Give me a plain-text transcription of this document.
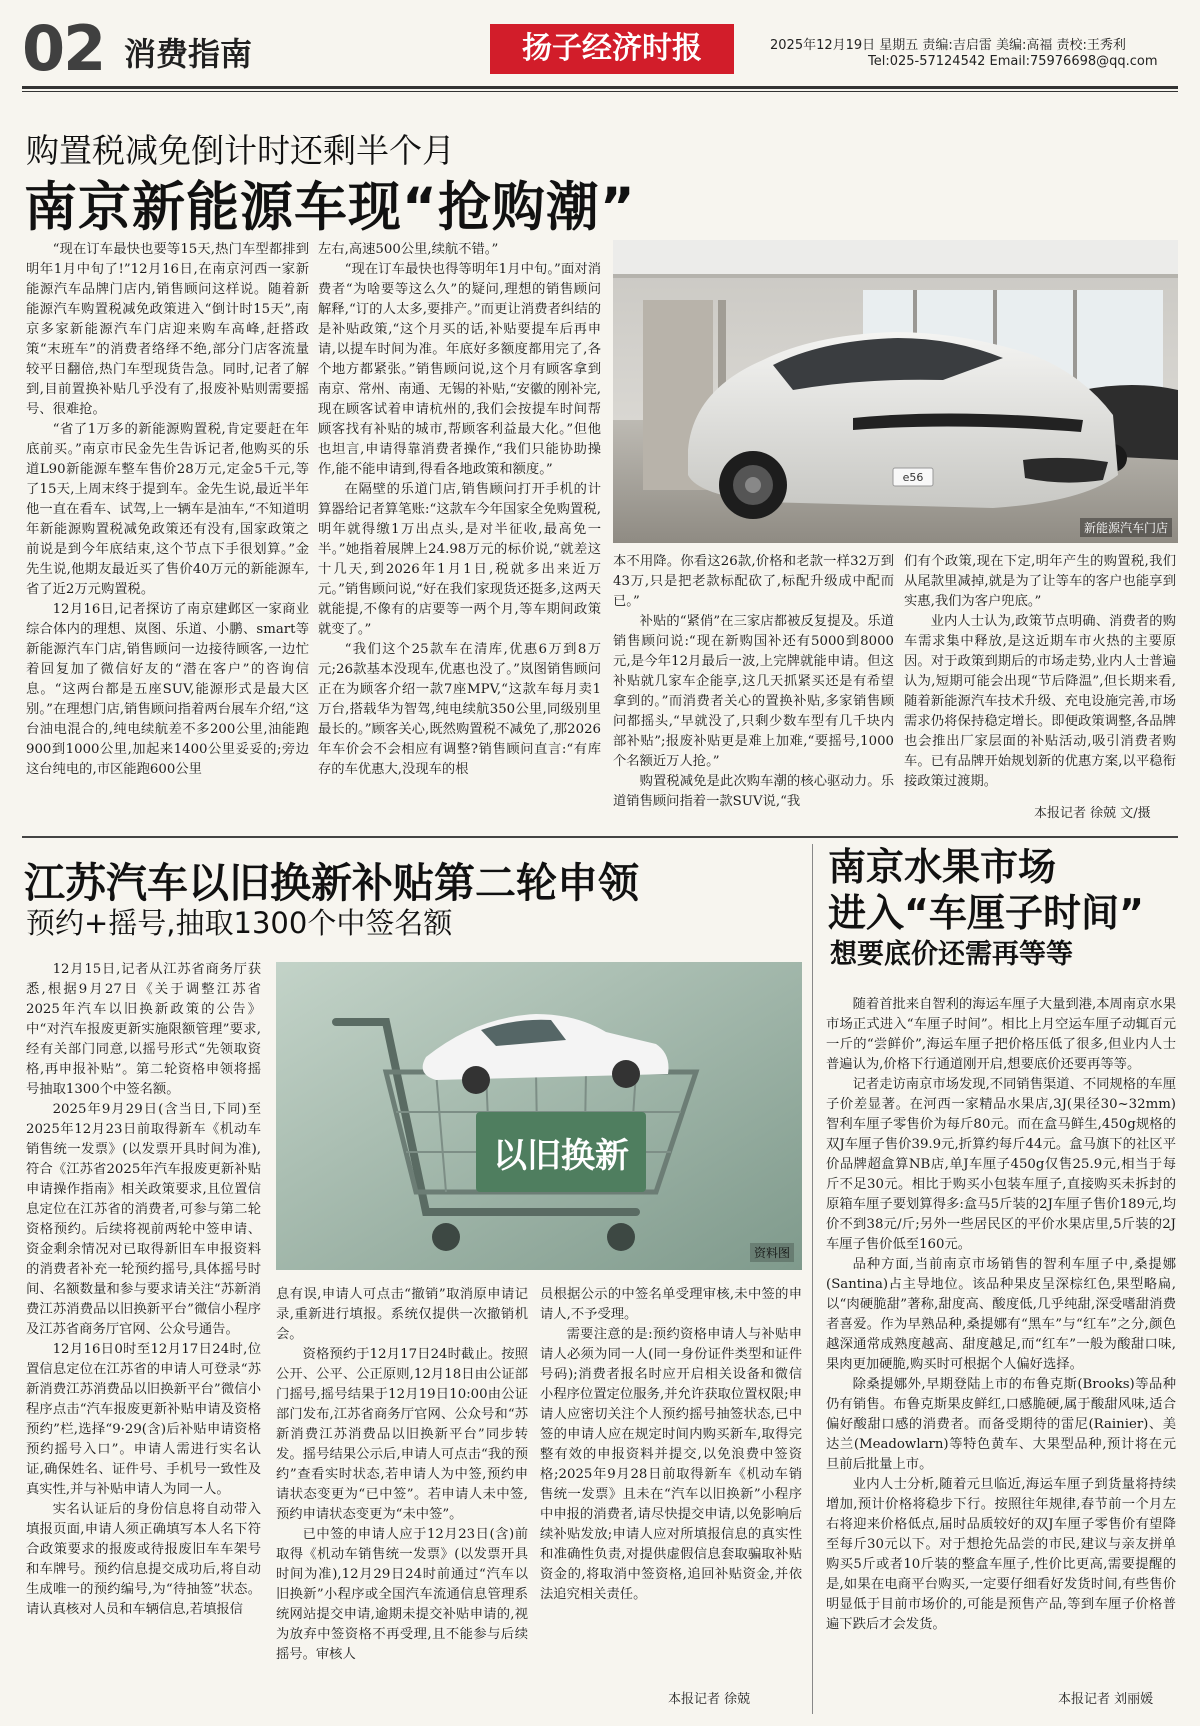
02 消费指南	扬子经济时报	2025年12月19日 星期五 责编:吉启雷 美编:高福 责校:王秀利
Tel:025-57124542 Email:75976698@qq.com
购置税减免倒计时还剩半个月
南京新能源车现“抢购潮”

“现在订车最快也要等15天,热门车型都排到明年1月中旬了!”12月16日,在南京河西一家新能源汽车品牌门店内,销售顾问这样说。随着新能源汽车购置税减免政策进入“倒计时15天”,南京多家新能源汽车门店迎来购车高峰,赶搭政策“末班车”的消费者络绎不绝,部分门店客流量较平日翻倍,热门车型现货告急。同时,记者了解到,目前置换补贴几乎没有了,报废补贴则需要摇号、很难抢。

“省了1万多的新能源购置税,肯定要赶在年底前买。”南京市民金先生告诉记者,他购买的乐道L90新能源车整车售价28万元,定金5千元,等了15天,上周末终于提到车。金先生说,最近半年他一直在看车、试驾,上一辆车是油车,“不知道明年新能源购置税减免政策还有没有,国家政策之前说是到今年底结束,这个节点下手很划算。”金先生说,他期友最近买了售价40万元的新能源车,省了近2万元购置税。

12月16日,记者探访了南京建邺区一家商业综合体内的理想、岚图、乐道、小鹏、smart等新能源汽车门店,销售顾问一边接待顾客,一边忙着回复加了微信好友的“潜在客户”的咨询信息。“这两台都是五座SUV,能源形式是最大区别。”在理想门店,销售顾问指着两台展车介绍,“这台油电混合的,纯电续航差不多200公里,油能跑900到1000公里,加起来1400公里妥妥的;旁边这台纯电的,市区能跑600公里

左右,高速500公里,续航不错。”

“现在订车最快也得等明年1月中旬。”面对消费者“为啥要等这么久”的疑问,理想的销售顾问解释,“订的人太多,要排产。”而更让消费者纠结的是补贴政策,“这个月买的话,补贴要提车后再申请,以提车时间为准。年底好多额度都用完了,各个地方都紧张。”销售顾问说,这个月有顾客拿到南京、常州、南通、无锡的补贴,“安徽的刚补完,现在顾客试着申请杭州的,我们会按提车时间帮顾客找有补贴的城市,帮顾客利益最大化。”但他也坦言,申请得靠消费者操作,“我们只能协助操作,能不能申请到,得看各地政策和额度。”

在隔壁的乐道门店,销售顾问打开手机的计算器给记者算笔账:“这款车今年国家全免购置税,明年就得缴1万出点头,是对半征收,最高免一半。”她指着展牌上24.98万元的标价说,“就差这十几天,到2026年1月1日,税就多出来近万元。”销售顾问说,“好在我们家现货还挺多,这两天就能提,不像有的店要等一两个月,等车期间政策就变了。”

“我们这个25款车在清库,优惠6万到8万元;26款基本没现车,优惠也没了。”岚图销售顾问正在为顾客介绍一款7座MPV,“这款车每月卖1万台,搭载华为智驾,纯电续航350公里,同级别里最长的。”顾客关心,既然购置税不减免了,那2026年车价会不会相应有调整?销售顾问直言:“有库存的车优惠大,没现车的根

e56
新能源汽车门店

本不用降。你看这26款,价格和老款一样32万到43万,只是把老款标配砍了,标配升级成中配而已。”

补贴的“紧俏”在三家店都被反复提及。乐道销售顾问说:“现在新购国补还有5000到8000元,是今年12月最后一波,上完牌就能申请。但这补贴就几家车企能享,这几天抓紧买还是有希望拿到的。”而消费者关心的置换补贴,多家销售顾问都摇头,“早就没了,只剩少数车型有几千块内部补贴”;报废补贴更是难上加难,“要摇号,1000个名额近万人抢。”

购置税减免是此次购车潮的核心驱动力。乐道销售顾问指着一款SUV说,“我

们有个政策,现在下定,明年产生的购置税,我们从尾款里减掉,就是为了让等车的客户也能享到实惠,我们为客户兜底。”

业内人士认为,政策节点明确、消费者的购车需求集中释放,是这近期车市火热的主要原因。对于政策到期后的市场走势,业内人士普遍认为,短期可能会出现“节后降温”,但长期来看,随着新能源汽车技术升级、充电设施完善,市场需求仍将保持稳定增长。即便政策调整,各品牌也会推出厂家层面的补贴活动,吸引消费者购车。已有品牌开始规划新的优惠方案,以平稳衔接政策过渡期。

本报记者 徐兢 文/摄
江苏汽车以旧换新补贴第二轮申领
预约+摇号,抽取1300个中签名额

12月15日,记者从江苏省商务厅获悉,根据9月27日《关于调整江苏省2025年汽车以旧换新政策的公告》中“对汽车报废更新实施限额管理”要求,经有关部门同意,以摇号形式“先领取资格,再申报补贴”。第二轮资格申领将摇号抽取1300个中签名额。

2025年9月29日(含当日,下同)至2025年12月23日前取得新车《机动车销售统一发票》(以发票开具时间为准),符合《江苏省2025年汽车报废更新补贴申请操作指南》相关政策要求,且位置信息定位在江苏省的消费者,可参与第二轮资格预约。后续将视前两轮中签申请、资金剩余情况对已取得新旧车申报资料的消费者补充一轮预约摇号,具体摇号时间、名额数量和参与要求请关注“苏新消费江苏消费品以旧换新平台”微信小程序及江苏省商务厅官网、公众号通告。

12月16日0时至12月17日24时,位置信息定位在江苏省的申请人可登录“苏新消费江苏消费品以旧换新平台”微信小程序点击“汽车报废更新补贴申请及资格预约”栏,选择“9·29(含)后补贴申请资格预约摇号入口”。申请人需进行实名认证,确保姓名、证件号、手机号一致性及真实性,并与补贴申请人为同一人。

实名认证后的身份信息将自动带入填报页面,申请人须正确填写本人名下符合政策要求的报废或待报废旧车车架号和车牌号。预约信息提交成功后,将自动生成唯一的预约编号,为“待抽签”状态。请认真核对人员和车辆信息,若填报信

以旧换新
资料图

息有误,申请人可点击“撤销”取消原申请记录,重新进行填报。系统仅提供一次撤销机会。

资格预约于12月17日24时截止。按照公开、公平、公正原则,12月18日由公证部门摇号,摇号结果于12月19日10:00由公证部门发布,江苏省商务厅官网、公众号和“苏新消费江苏消费品以旧换新平台”同步转发。摇号结果公示后,申请人可点击“我的预约”查看实时状态,若申请人为中签,预约申请状态变更为“已中签”。若申请人未中签,预约申请状态变更为“未中签”。

已中签的申请人应于12月23日(含)前取得《机动车销售统一发票》(以发票开具时间为准),12月29日24时前通过“汽车以旧换新”小程序或全国汽车流通信息管理系统网站提交申请,逾期未提交补贴申请的,视为放弃中签资格不再受理,且不能参与后续摇号。审核人

员根据公示的中签名单受理审核,未中签的申请人,不予受理。

需要注意的是:预约资格申请人与补贴申请人必须为同一人(同一身份证件类型和证件号码);消费者报名时应开启相关设备和微信小程序位置定位服务,并允许获取位置权限;申请人应密切关注个人预约摇号抽签状态,已中签的申请人应在规定时间内购买新车,取得完整有效的申报资料并提交,以免浪费中签资格;2025年9月28日前取得新车《机动车销售统一发票》且未在“汽车以旧换新”小程序中申报的消费者,请尽快提交申请,以免影响后续补贴发放;申请人应对所填报信息的真实性和准确性负责,对提供虚假信息套取骗取补贴资金的,将取消中签资格,追回补贴资金,并依法追究相关责任。

本报记者 徐兢
南京水果市场
进入“车厘子时间”
想要底价还需再等等

随着首批来自智利的海运车厘子大量到港,本周南京水果市场正式进入“车厘子时间”。相比上月空运车厘子动辄百元一斤的“尝鲜价”,海运车厘子把价格压低了很多,但业内人士普遍认为,价格下行通道刚开启,想要底价还要再等等。

记者走访南京市场发现,不同销售渠道、不同规格的车厘子价差显著。在河西一家精品水果店,3J(果径30~32mm)智利车厘子零售价为每斤80元。而在盒马鲜生,450g规格的双J车厘子售价39.9元,折算约每斤44元。盒马旗下的社区平价品牌超盒算NB店,单J车厘子450g仅售25.9元,相当于每斤不足30元。相比于购买小包装车厘子,直接购买未拆封的原箱车厘子要划算得多:盒马5斤装的2J车厘子售价189元,均价不到38元/斤;另外一些居民区的平价水果店里,5斤装的2J车厘子售价低至160元。

品种方面,当前南京市场销售的智利车厘子中,桑提娜(Santina)占主导地位。该品种果皮呈深棕红色,果型略扁,以“肉硬脆甜”著称,甜度高、酸度低,几乎纯甜,深受嗜甜消费者喜爱。作为早熟品种,桑提娜有“黑车”与“红车”之分,颜色越深通常成熟度越高、甜度越足,而“红车”一般为酸甜口味,果肉更加硬脆,购买时可根据个人偏好选择。

除桑提娜外,早期登陆上市的布鲁克斯(Brooks)等品种仍有销售。布鲁克斯果皮鲜红,口感脆硬,属于酸甜风味,适合偏好酸甜口感的消费者。而备受期待的雷尼(Rainier)、美达兰(Meadowlarn)等特色黄车、大果型品种,预计将在元旦前后批量上市。

业内人士分析,随着元旦临近,海运车厘子到货量将持续增加,预计价格将稳步下行。按照往年规律,春节前一个月左右将迎来价格低点,届时品质较好的双J车厘子零售价有望降至每斤30元以下。对于想抢先品尝的市民,建议与亲友拼单购买5斤或者10斤装的整盒车厘子,性价比更高,需要提醒的是,如果在电商平台购买,一定要仔细看好发货时间,有些售价明显低于目前市场价的,可能是预售产品,等到车厘子价格普遍下跌后才会发货。

本报记者 刘丽媛
